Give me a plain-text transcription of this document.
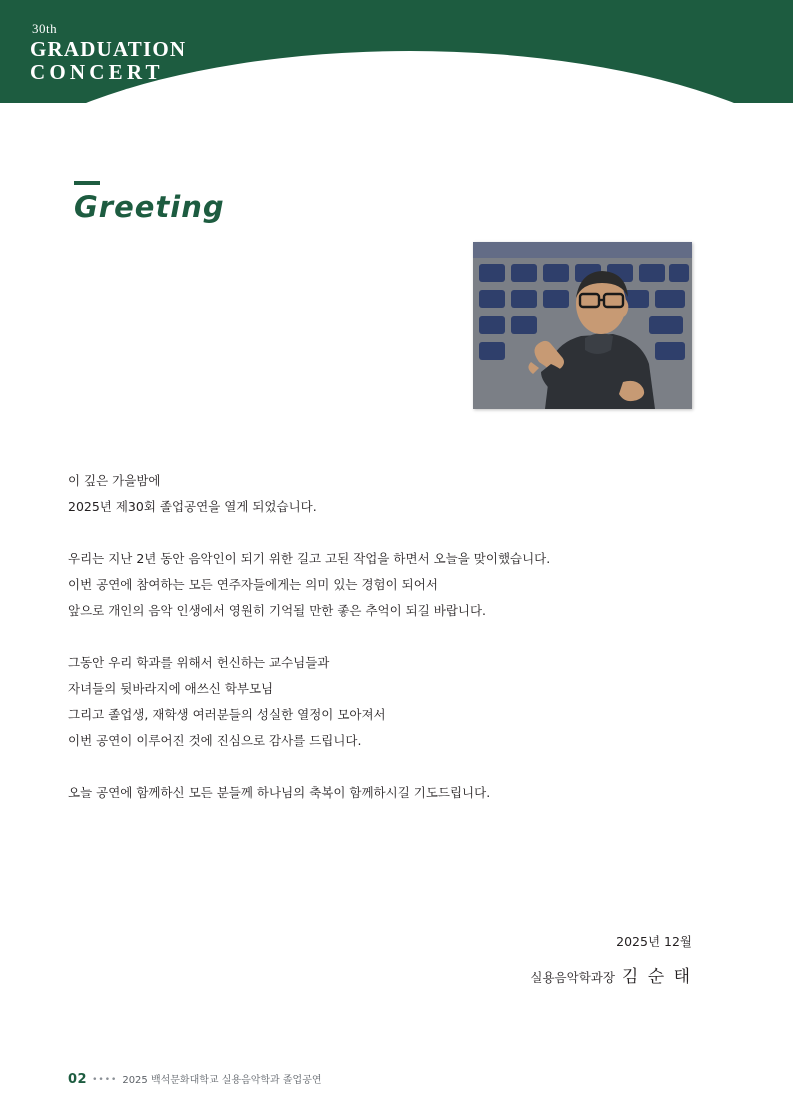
30th
GRADUATION
CONCERT
Greeting

이 깊은 가을밤에

2025년 제30회 졸업공연을 열게 되었습니다.

우리는 지난 2년 동안 음악인이 되기 위한 길고 고된 작업을 하면서 오늘을 맞이했습니다.

이번 공연에 참여하는 모든 연주자들에게는 의미 있는 경험이 되어서

앞으로 개인의 음악 인생에서 영원히 기억될 만한 좋은 추억이 되길 바랍니다.

그동안 우리 학과를 위해서 헌신하는 교수님들과

자녀들의 뒷바라지에 애쓰신 학부모님

그리고 졸업생, 재학생 여러분들의 성실한 열정이 모아져서

이번 공연이 이루어진 것에 진심으로 감사를 드립니다.

오늘 공연에 함께하신 모든 분들께 하나님의 축복이 함께하시길 기도드립니다.

2025년 12월
실용음악학과장 김 순 태
02 •••• 2025 백석문화대학교 실용음악학과 졸업공연
